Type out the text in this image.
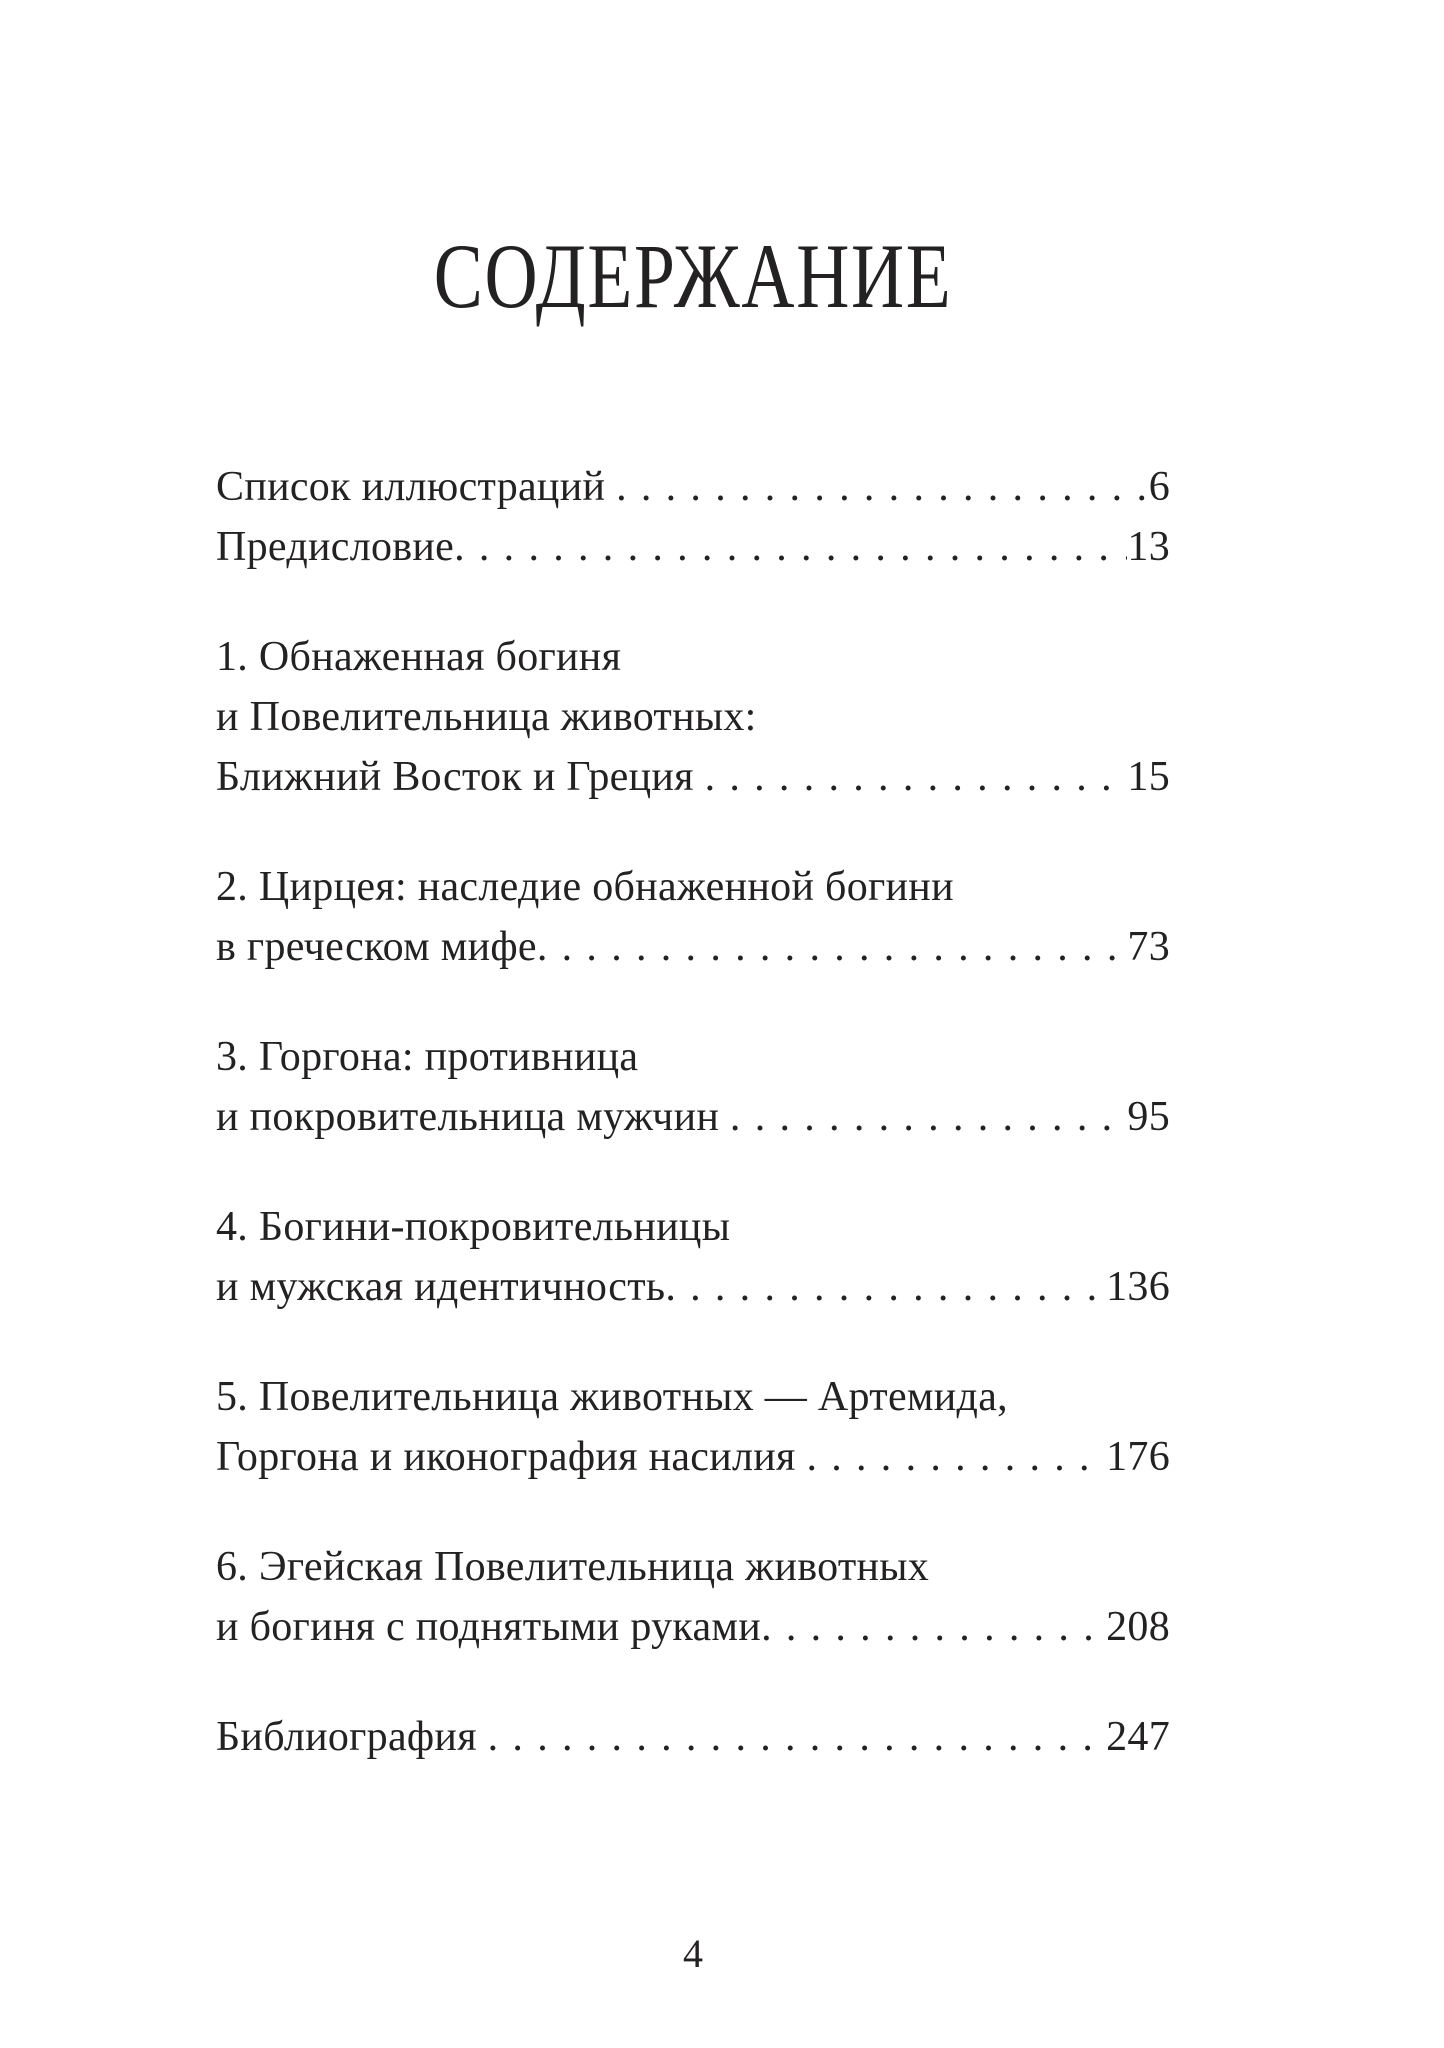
СОДЕРЖАНИЕ
Список иллюстраций .....	6
Предисловие .....	13
1. Обнаженная богиня
и Повелительница животных:
Ближний Восток и Греция .....	15
2. Цирцея: наследие обнаженной богини
в греческом мифе .....	73
3. Горгона: противница
и покровительница мужчин .....	95
4. Богини-покровительницы
и мужская идентичность .....	136
5. Повелительница животных — Артемида,
Горгона и иконография насилия .....	176
6. Эгейская Повелительница животных
и богиня с поднятыми руками .....	208
Библиография .....	247
4
